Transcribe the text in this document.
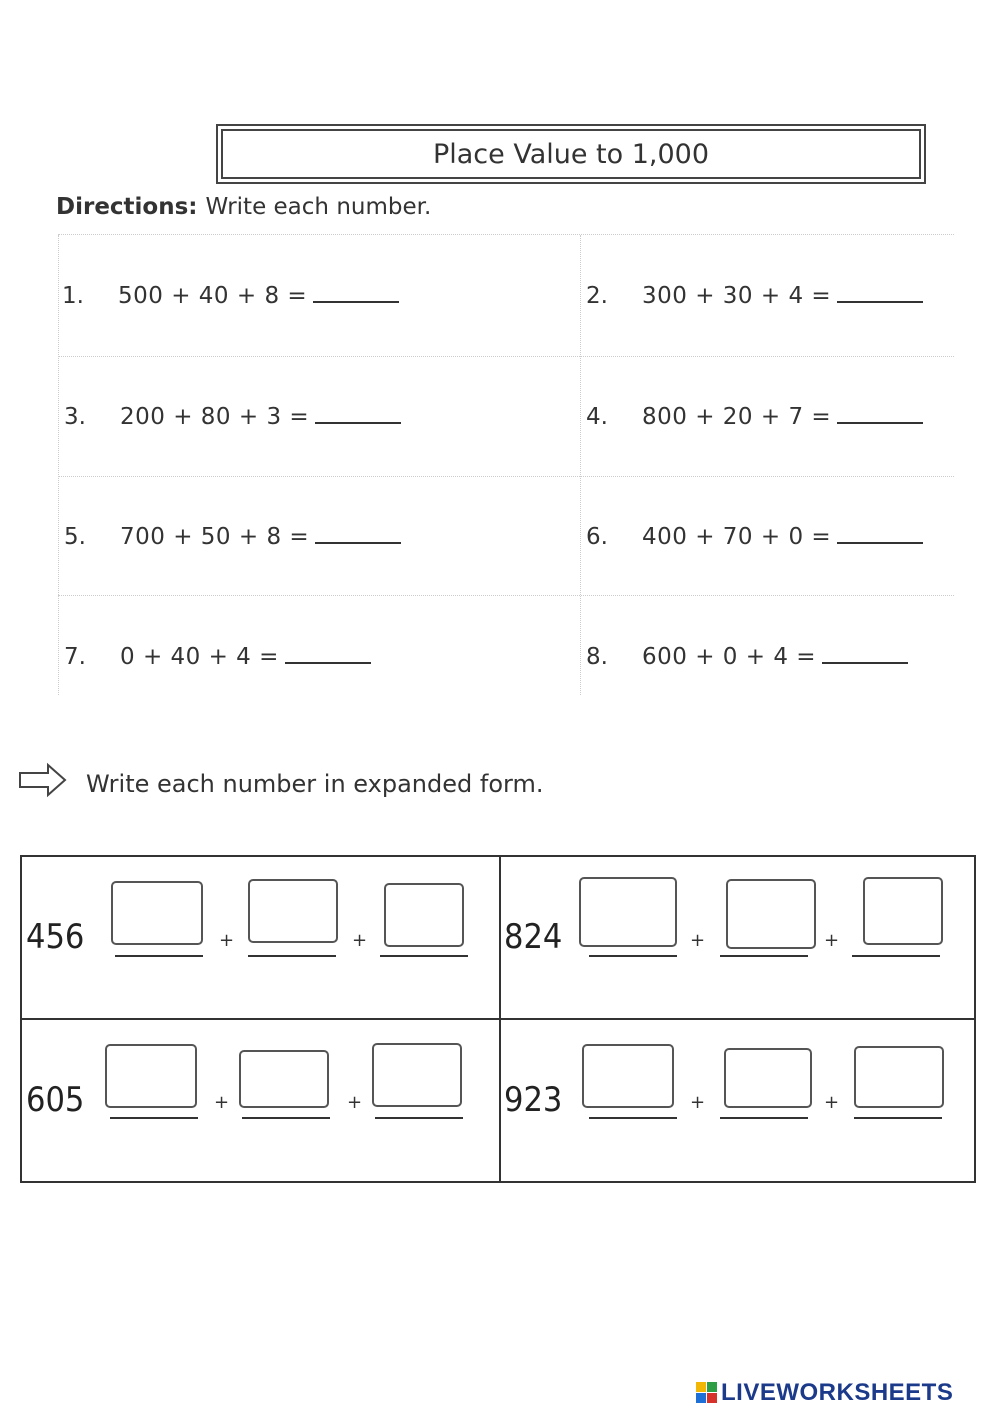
Place Value to 1,000
Directions: Write each number.
1. 500 + 40 + 8 =	2. 300 + 30 + 4 =
3. 200 + 80 + 3 =	4. 800 + 20 + 7 =
5. 700 + 50 + 8 =	6. 400 + 70 + 0 =
7. 0 + 40 + 4 =	8. 600 + 0 + 4 =
Write each number in expanded form.
456	+	+	824	+	+
605	+	+	923	+	+
LIVEWORKSHEETS
